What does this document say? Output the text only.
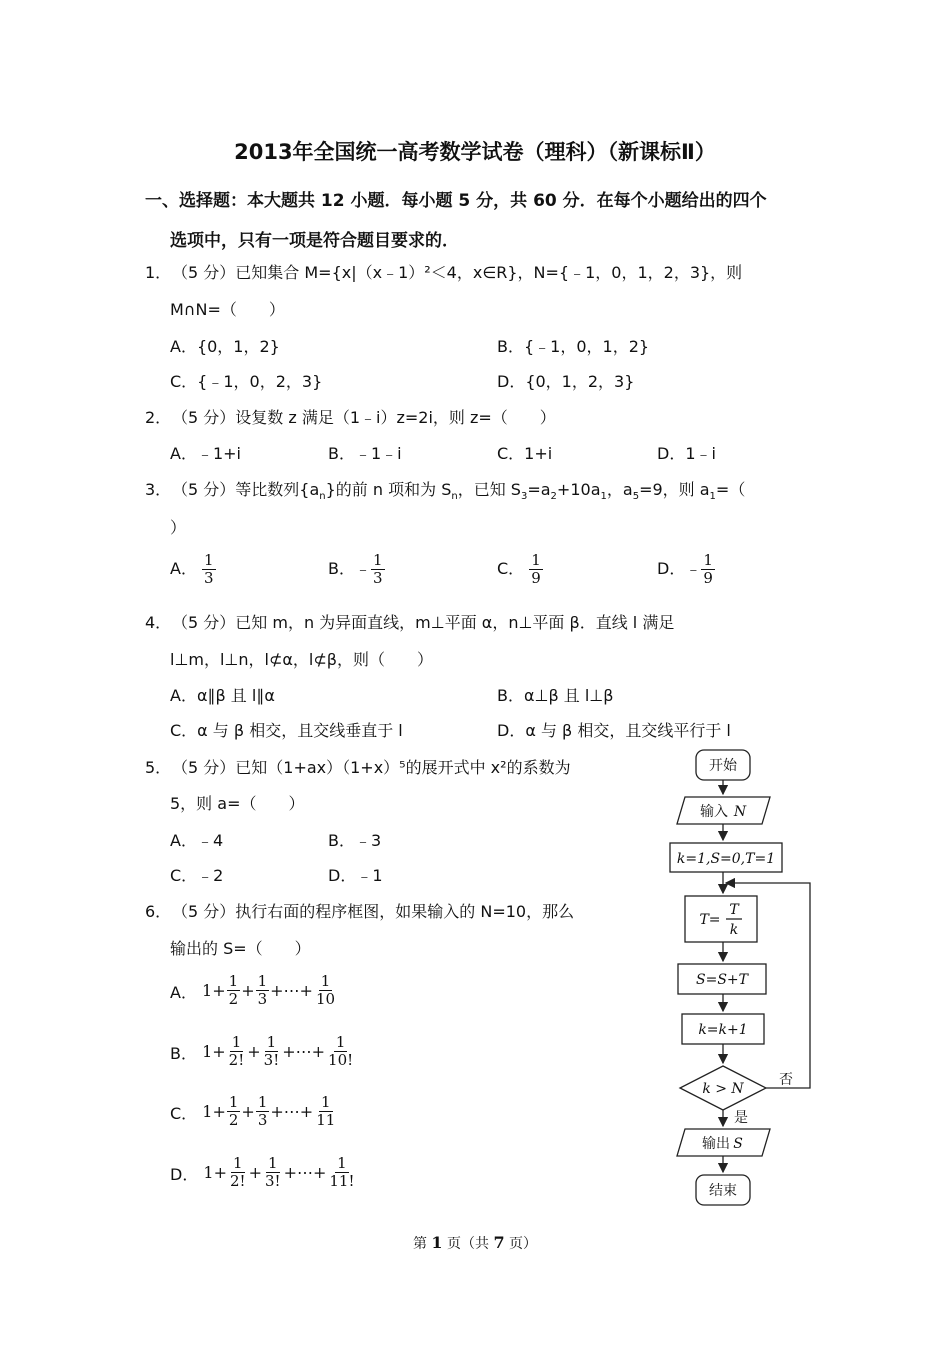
2013年全国统一高考数学试卷（理科）（新课标Ⅱ）
一、选择题：本大题共 12 小题．每小题 5 分，共 60 分．在每个小题给出的四个
选项中，只有一项是符合题目要求的．
1． （5 分）已知集合 M={x|（x﹣1）²＜4，x∈R}，N={﹣1，0，1，2，3}，则
M∩N=（　　）
A．{0，1，2}	B．{﹣1，0，1，2}
C．{﹣1，0，2，3}	D．{0，1，2，3}
2． （5 分）设复数 z 满足（1﹣i）z=2i，则 z=（　　）
A．﹣1+i	B．﹣1﹣i	C．1+i	D．1﹣i
3． （5 分）等比数列$\{a_n\}$的前 n 项和为 $S_n$，已知 $S_3=a_2+10a_1$，$a_5=9$，则 $a_1=$（
）
A． $\frac{1}{3}$	B．﹣ $\frac{1}{3}$	C． $\frac{1}{9}$	D．﹣ $\frac{1}{9}$
4． （5 分）已知 m，n 为异面直线，m⊥平面 α，n⊥平面 β．直线 l 满足
l⊥m，l⊥n，l⊄α，l⊄β，则（　　）
A．α∥β 且 l∥α	B．α⊥β 且 l⊥β
C．α 与 β 相交，且交线垂直于 l	D．α 与 β 相交，且交线平行于 l
5． （5 分）已知（1+ax）（1+x）⁵的展开式中 x²的系数为
5，则 a=（　　）
A．﹣4	B．﹣3
C．﹣2	D．﹣1
6． （5 分）执行右面的程序框图，如果输入的 N=10，那么
输出的 S=（　　）
A． $1+ \frac{1}{2} + \frac{1}{3}$ +⋯+ $\frac{1}{10}$
B． $1+ \frac{1}{2!} + \frac{1}{3!}$ +⋯+ $\frac{1}{10!}$
C． $1+ \frac{1}{2} + \frac{1}{3}$ +⋯+ $\frac{1}{11}$
D． $1+ \frac{1}{2!} + \frac{1}{3!}$ +⋯+ $\frac{1}{11!}$
开始
输入 N
k=1,S=0,T=1
T=
T
k
S=S+T
k=k+1
k > N
否
是
输出 S
结束
第 1 页（共 7 页）
